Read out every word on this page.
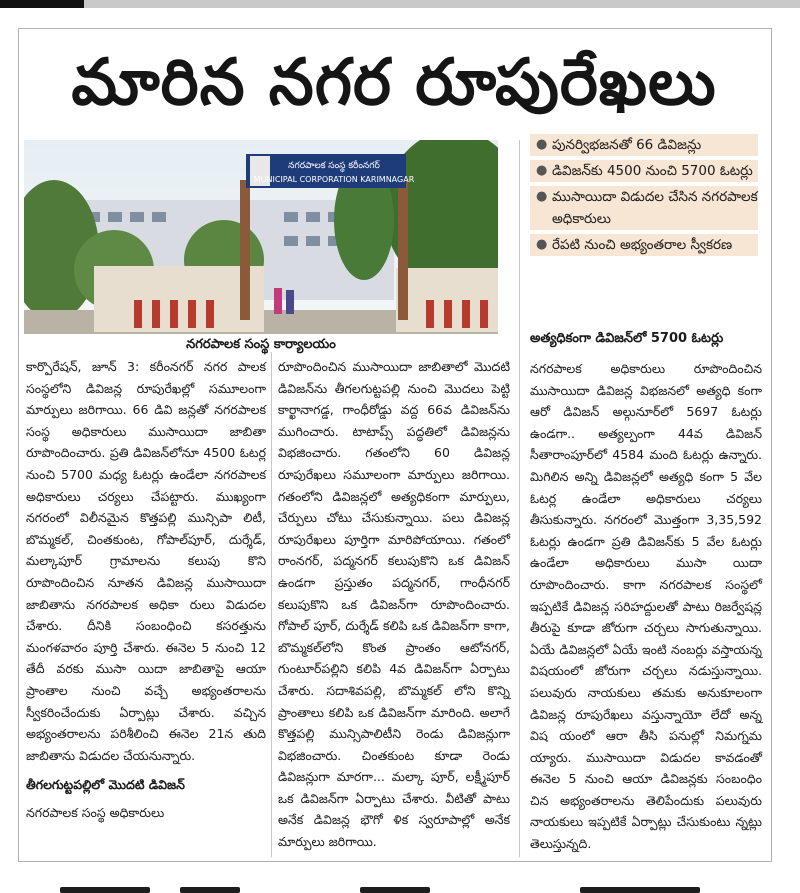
మారిన నగర రూపురేఖలు
నగరపాలక సంస్థ కరీంనగర్
MUNICIPAL CORPORATION KARIMNAGAR
నగరపాలక సంస్థ కార్యాలయం
● పునర్విభజనతో 66 డివిజన్లు
● డివిజన్‌కు 4500 నుంచి 5700 ఓటర్లు
● ముసాయిదా విడుదల చేసిన నగరపాలక అధికారులు
● రేపటి నుంచి అభ్యంతరాల స్వీకరణ
అత్యధికంగా డివిజన్‌లో 5700 ఓటర్లు

కార్పొరేషన్, జూన్ 3: కరీంనగర్ నగర పాలక సంస్థలోని డివిజన్ల రూపురేఖల్లో సమూలంగా మార్పులు జరిగాయి. 66 డివి జన్లతో నగరపాలక సంస్థ అధికారులు ముసాయిదా జాబితా రూపొందించారు. ప్రతి డివిజన్‌లోనూ 4500 ఓటర్ల నుంచి 5700 మధ్య ఓటర్లు ఉండేలా నగరపాలక అధికారులు చర్యలు చేపట్టారు. ముఖ్యంగా నగరంలో విలీనమైన కొత్తపల్లి మున్సిపా లిటీ, బొమ్మకల్, చింతకుంట, గోపాల్‌పూర్, దుర్శేడ్, మల్కాపూర్ గ్రామాలను కలుపు కొని రూపొందించిన నూతన డివిజన్ల ముసాయిదా జాబితాను నగరపాలక అధికా రులు విడుదల చేశారు. దీనికి సంబంధించి కసరత్తును మంగళవారం పూర్తి చేశారు. ఈనెల 5 నుంచి 12 తేదీ వరకు ముసా యిదా జాబితాపై ఆయా ప్రాంతాల నుంచి వచ్చే అభ్యంతరాలను స్వీకరించేందుకు ఏర్పాట్లు చేశారు. వచ్చిన అభ్యంతరాలను పరిశీలించి ఈనెల 21న తుది జాబితాను విడుదల చేయనున్నారు.

తీగలగుట్టపల్లిలో మొదటి డివిజన్

నగరపాలక సంస్థ అధికారులు

రూపొందించిన ముసాయిదా జాబితాలో మొదటి డివిజన్‌ను తీగలగుట్టపల్లి నుంచి మొదలు పెట్టి కార్ఖానాగడ్డ, గాంధీరోడ్డు వద్ద 66వ డివిజన్‌ను ముగించారు. టాటాప్స్ పద్ధతిలో డివిజన్లను విభజించారు. గతంలోని 60 డివిజన్ల రూపురేఖలు సమూలంగా మార్పులు జరిగాయి. గతంలోని డివిజన్లలో అత్యధికంగా మార్పులు, చేర్పులు చోటు చేసుకున్నాయి. పలు డివిజన్ల రూపురేఖలు పూర్తిగా మారిపోయాయి. గతంలో రాంనగర్, పద్మనగర్ కలుపుకొని ఒక డివిజన్ ఉండగా ప్రస్తుతం పద్మనగర్, గాంధీనగర్ కలుపుకొని ఒక డివిజన్‌గా రూపొందించారు. గోపాల్ పూర్, దుర్శేడ్ కలిపి ఒక డివిజన్‌గా కాగా, బొమ్మకల్‌లోని కొంత ప్రాంతం ఆటోనగర్, గుంటూర్‌పల్లిని కలిపి 4వ డివిజన్‌గా ఏర్పాటు చేశారు. సదాశివపల్లి, బొమ్మకల్ లోని కొన్ని ప్రాంతాలు కలిపి ఒక డివిజన్‌గా మారింది. అలాగే కొత్తపల్లి మున్సిపాలిటీని రెండు డివిజన్లుగా విభజించారు. చింతకుంట కూడా రెండు డివిజన్లుగా మారగా... మల్కా పూర్, లక్ష్మీపూర్ ఒక డివిజన్‌గా ఏర్పాటు చేశారు. వీటితో పాటు అనేక డివిజన్ల భౌగో ళిక స్వరూపాల్లో అనేక మార్పులు జరిగాయి.

నగరపాలక అధికారులు రూపొందించిన ముసాయిదా డివిజన్ల విభజనలో అత్యధి కంగా ఆరో డివిజన్ అల్గునూర్‌లో 5697 ఓటర్లు ఉండగా.. అత్యల్పంగా 44వ డివిజన్ సీతారాంపూర్‌లో 4584 మంది ఓటర్లు ఉన్నారు. మిగిలిన అన్ని డివిజన్లలో అత్యధి కంగా 5 వేల ఓటర్ల ఉండేలా అధికారులు చర్యలు తీసుకున్నారు. నగరంలో మొత్తంగా 3,35,592 ఓటర్లు ఉండగా ప్రతి డివిజన్‌కు 5 వేల ఓటర్లు ఉండేలా అధికారులు ముసా యిదా రూపొందించారు. కాగా నగరపాలక సంస్థలో ఇప్పటికే డివిజన్ల సరిహద్దులతో పాటు రిజర్వేషన్ల తీరుపై కూడా జోరుగా చర్చలు సాగుతున్నాయి. ఏయే డివిజన్లలో ఏయే ఇంటి నంబర్లు వస్తాయన్న విషయంలో జోరుగా చర్చలు నడుస్తున్నాయి. పలువురు నాయకులు తమకు అనుకూలంగా డివిజన్ల రూపురేఖలు వస్తున్నాయో లేదో అన్న విష యంలో ఆరా తీసి పనుల్లో నిమగ్నమ య్యారు. ముసాయిదా విడుదల కావడంతో ఈనెల 5 నుంచి ఆయా డివిజన్లకు సంబంధిం చిన అభ్యంతరాలను తెలిపేందుకు పలువురు నాయకులు ఇప్పటికే ఏర్పాట్లు చేసుకుంటు న్నట్లు తెలుస్తున్నది.
